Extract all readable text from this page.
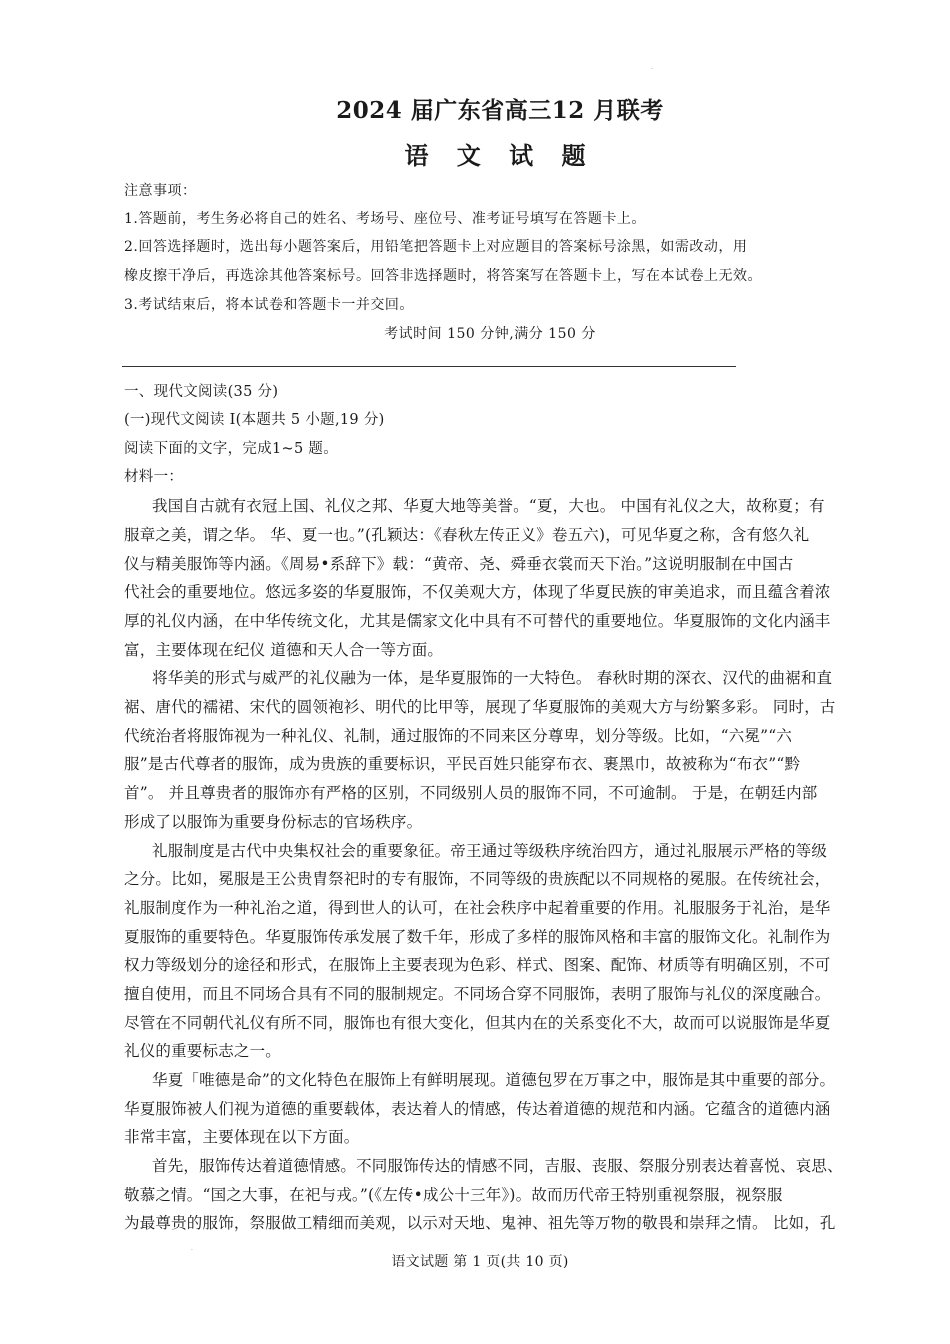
·
2024 届广东省高三12 月联考
语 文 试 题
注意事项：
1.答题前，考生务必将自己的姓名、考场号、座位号、准考证号填写在答题卡上。
2.回答选择题时，选出每小题答案后，用铅笔把答题卡上对应题目的答案标号涂黑，如需改动，用
橡皮擦干净后，再选涂其他答案标号。回答非选择题时，将答案写在答题卡上，写在本试卷上无效。
3.考试结束后，将本试卷和答题卡一并交回。
考试时间 150 分钟,满分 150 分
一、现代文阅读(35 分)
(一)现代文阅读 Ⅰ(本题共 5 小题,19 分)
阅读下面的文字，完成1~5 题。
材料一：
我国自古就有衣冠上国、礼仪之邦、华夏大地等美誉。“夏，大也。 中国有礼仪之大，故称夏；有
服章之美，谓之华。 华、夏一也。”(孔颖达：《春秋左传正义》卷五六)，可见华夏之称，含有悠久礼
仪与精美服饰等内涵。《周易•系辞下》载：“黄帝、尧、舜垂衣裳而天下治。”这说明服制在中国古
代社会的重要地位。悠远多姿的华夏服饰，不仅美观大方，体现了华夏民族的审美追求，而且蕴含着浓
厚的礼仪内涵，在中华传统文化，尤其是儒家文化中具有不可替代的重要地位。华夏服饰的文化内涵丰
富，主要体现在纪仪 道德和天人合一等方面。
将华美的形式与威严的礼仪融为一体，是华夏服饰的一大特色。 春秋时期的深衣、汉代的曲裾和直
裾、唐代的襦裙、宋代的圆领袍衫、明代的比甲等，展现了华夏服饰的美观大方与纷繁多彩。 同时，古
代统治者将服饰视为一种礼仪、礼制，通过服饰的不同来区分尊卑，划分等级。比如，“六冕”“六
服”是古代尊者的服饰，成为贵族的重要标识，平民百姓只能穿布衣、裹黑巾，故被称为“布衣”“黔
首”。 并且尊贵者的服饰亦有严格的区别，不同级别人员的服饰不同，不可逾制。 于是，在朝廷内部
形成了以服饰为重要身份标志的官场秩序。
礼服制度是古代中央集权社会的重要象征。帝王通过等级秩序统治四方，通过礼服展示严格的等级
之分。比如，冕服是王公贵胄祭祀时的专有服饰，不同等级的贵族配以不同规格的冕服。在传统社会，
礼服制度作为一种礼治之道，得到世人的认可，在社会秩序中起着重要的作用。礼服服务于礼治，是华
夏服饰的重要特色。华夏服饰传承发展了数千年，形成了多样的服饰风格和丰富的服饰文化。礼制作为
权力等级划分的途径和形式，在服饰上主要表现为色彩、样式、图案、配饰、材质等有明确区别，不可
擅自使用，而且不同场合具有不同的服制规定。不同场合穿不同服饰，表明了服饰与礼仪的深度融合。
尽管在不同朝代礼仪有所不同，服饰也有很大变化，但其内在的关系变化不大，故而可以说服饰是华夏
礼仪的重要标志之一。
华夏「唯德是命”的文化特色在服饰上有鲜明展现。道德包罗在万事之中，服饰是其中重要的部分。
华夏服饰被人们视为道德的重要载体，表达着人的情感，传达着道德的规范和内涵。它蕴含的道德内涵
非常丰富，主要体现在以下方面。
首先，服饰传达着道德情感。不同服饰传达的情感不同，吉服、丧服、祭服分别表达着喜悦、哀思、
敬慕之情。“国之大事，在祀与戎。”(《左传•成公十三年》)。故而历代帝王特别重视祭服，视祭服
为最尊贵的服饰，祭服做工精细而美观，以示对天地、鬼神、祖先等万物的敬畏和崇拜之情。 比如，孔
·
语文试题 第 1 页(共 10 页)
